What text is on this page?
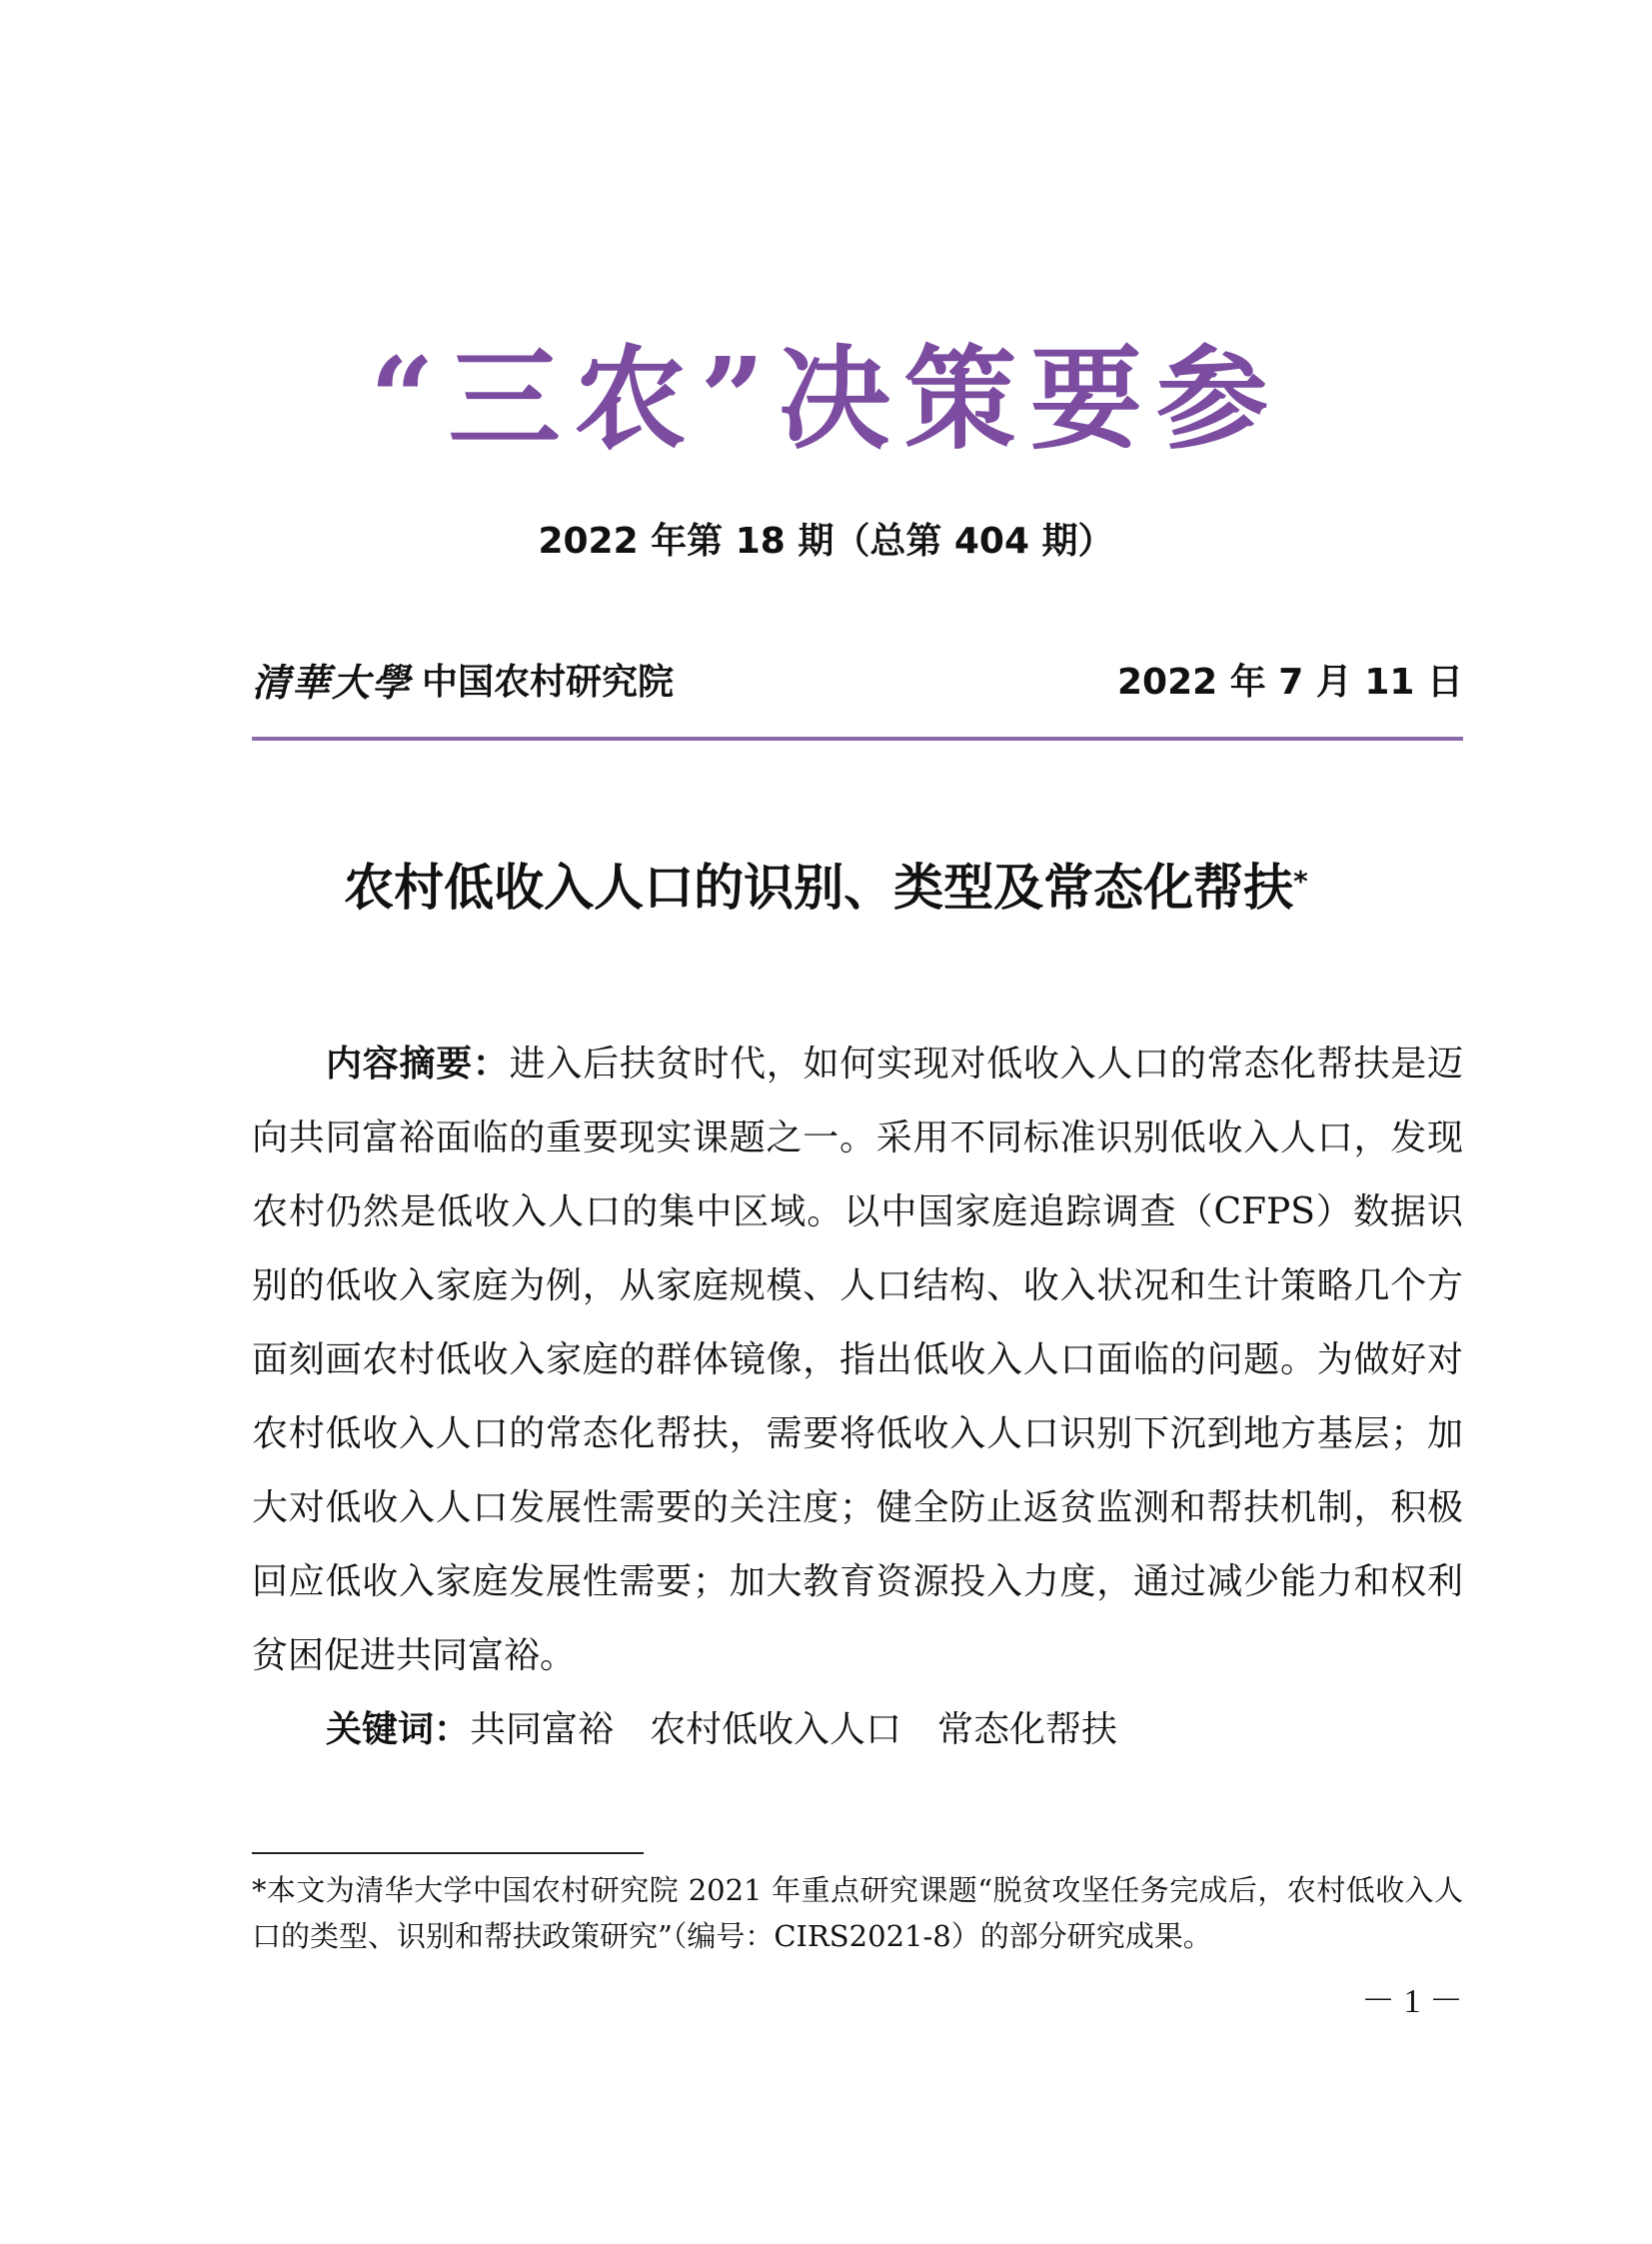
“三农”决策要参
2022 年第 18 期（总第 404 期）
清華大學 中国农村研究院	2022 年 7 月 11 日
农村低收入人口的识别、类型及常态化帮扶*
内容摘要：进入后扶贫时代，如何实现对低收入人口的常态化帮扶是迈向共同富裕面临的重要现实课题之一。采用不同标准识别低收入人口，发现农村仍然是低收入人口的集中区域。以中国家庭追踪调查（CFPS）数据识别的低收入家庭为例，从家庭规模、人口结构、收入状况和生计策略几个方面刻画农村低收入家庭的群体镜像，指出低收入人口面临的问题。为做好对农村低收入人口的常态化帮扶，需要将低收入人口识别下沉到地方基层；加大对低收入人口发展性需要的关注度；健全防止返贫监测和帮扶机制，积极回应低收入家庭发展性需要；加大教育资源投入力度，通过减少能力和权利贫困促进共同富裕。
关键词：共同富裕 农村低收入人口 常态化帮扶
*本文为清华大学中国农村研究院 2021 年重点研究课题“脱贫攻坚任务完成后，农村低收入人口的类型、识别和帮扶政策研究”（编号：CIRS2021-8）的部分研究成果。
－ 1 －
